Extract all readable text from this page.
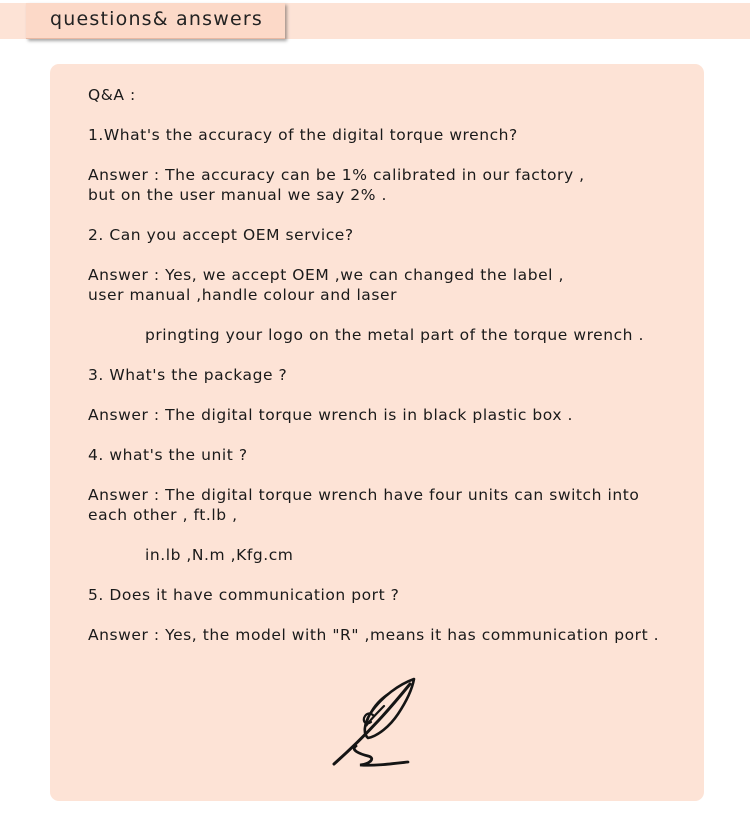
questions& answers
Q&A :
1.What's the accuracy of the digital torque wrench?
Answer : The accuracy can be 1% calibrated in our factory ,
but on the user manual we say 2% .
2. Can you accept OEM service?
Answer : Yes, we accept OEM ,we can changed the label ,
user manual ,handle colour and laser
pringting your logo on the metal part of the torque wrench .
3. What's the package ?
Answer : The digital torque wrench is in black plastic box .
4. what's the unit ?
Answer : The digital torque wrench have four units can switch into
each other , ft.lb ,
in.lb ,N.m ,Kfg.cm
5. Does it have communication port ?
Answer : Yes, the model with "R" ,means it has communication port .
